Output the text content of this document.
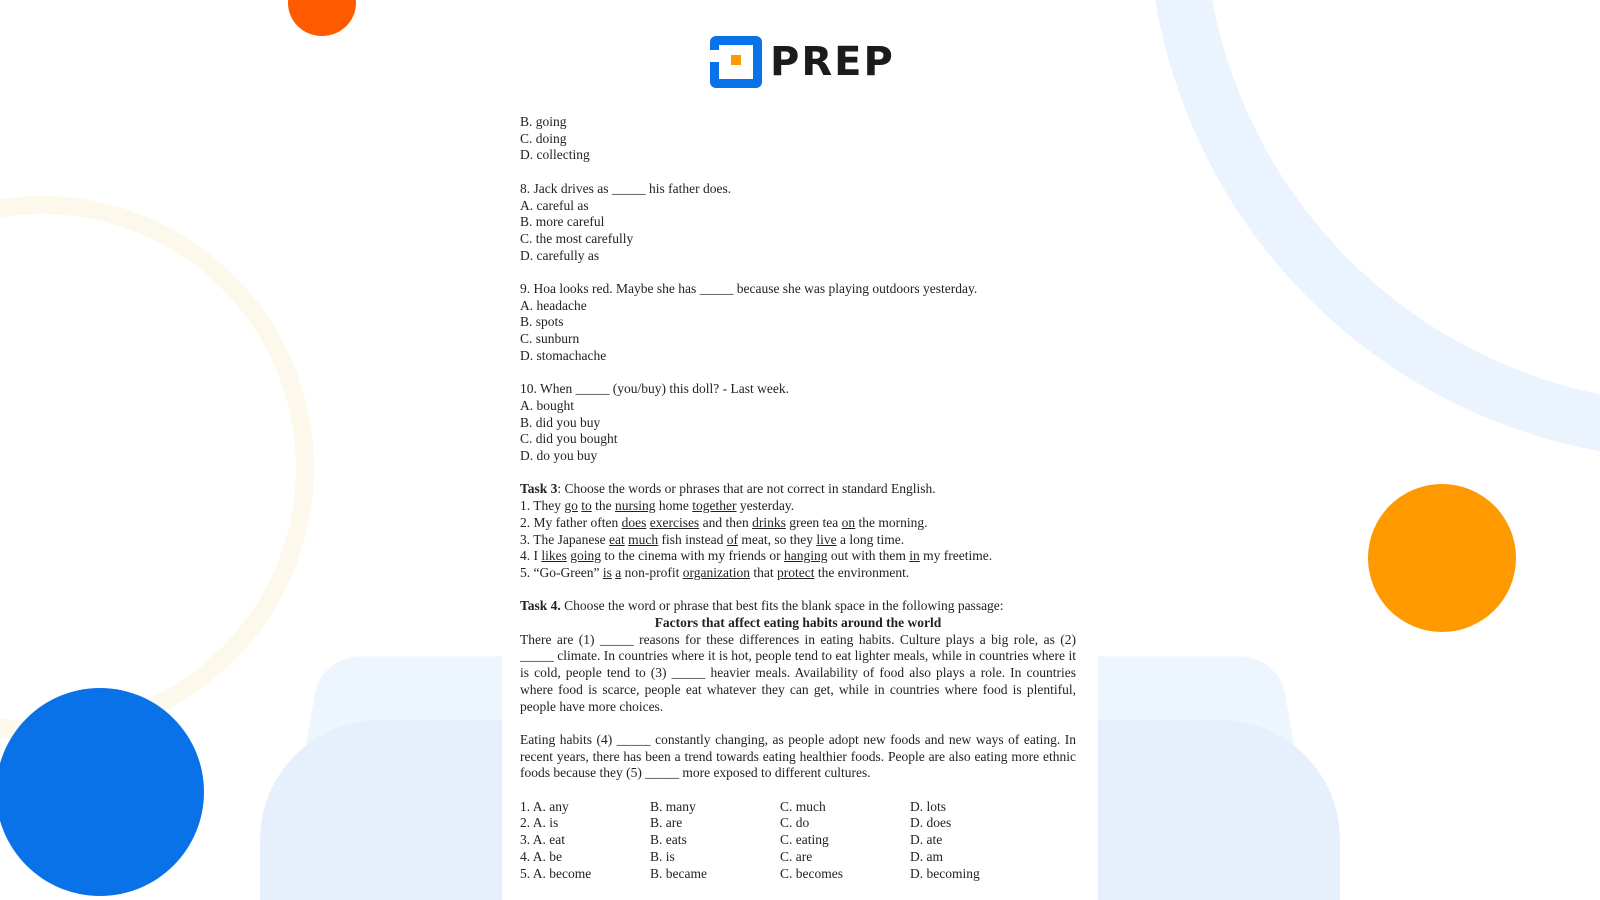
PREP
B. going
C. doing
D. collecting
8. Jack drives as _____ his father does.
A. careful as
B. more careful
C. the most carefully
D. carefully as
9. Hoa looks red. Maybe she has _____ because she was playing outdoors yesterday.
A. headache
B. spots
C. sunburn
D. stomachache
10. When _____ (you/buy) this doll? - Last week.
A. bought
B. did you buy
C. did you bought
D. do you buy
Task 3: Choose the words or phrases that are not correct in standard English.
1. They go to the nursing home together yesterday.
2. My father often does exercises and then drinks green tea on the morning.
3. The Japanese eat much fish instead of meat, so they live a long time.
4. I likes going to the cinema with my friends or hanging out with them in my freetime.
5. “Go-Green” is a non-profit organization that protect the environment.
Task 4. Choose the word or phrase that best fits the blank space in the following passage:
Factors that affect eating habits around the world
There are (1) _____ reasons for these differences in eating habits. Culture plays a big role, as (2) _____ climate. In countries where it is hot, people tend to eat lighter meals, while in countries where it is cold, people tend to (3) _____ heavier meals. Availability of food also plays a role. In countries where food is scarce, people eat whatever they can get, while in countries where food is plentiful, people have more choices.
Eating habits (4) _____ constantly changing, as people adopt new foods and new ways of eating. In recent years, there has been a trend towards eating healthier foods. People are also eating more ethnic foods because they (5) _____ more exposed to different cultures.
1. A. any	B. many	C. much	D. lots
2. A. is	B. are	C. do	D. does
3. A. eat	B. eats	C. eating	D. ate
4. A. be	B. is	C. are	D. am
5. A. become	B. became	C. becomes	D. becoming
